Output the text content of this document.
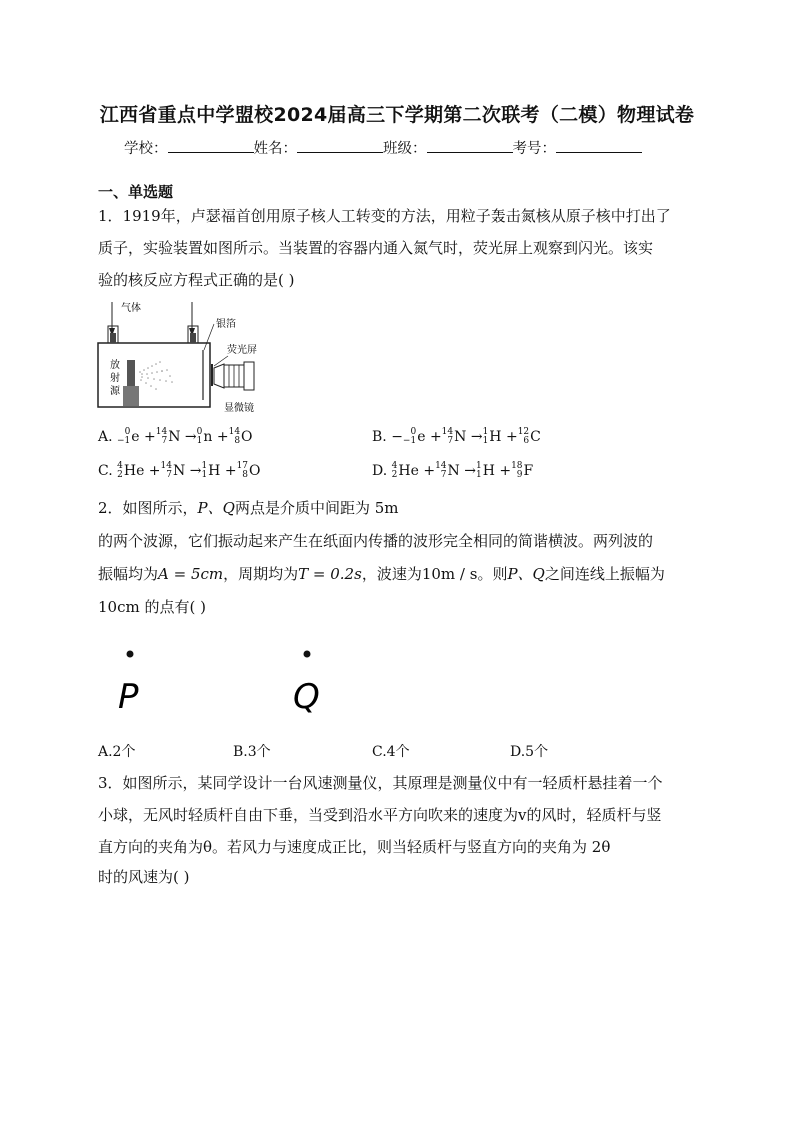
江西省重点中学盟校2024届高三下学期第二次联考（二模）物理试卷
学校：	姓名：	班级：	考号：
一、单选题
1．1919年，卢瑟福首创用原子核人工转变的方法，用粒子轰击氮核从原子核中打出了
质子，实验装置如图所示。当装置的容器内通入氮气时，荧光屏上观察到闪光。该实
验的核反应方程式正确的是( )
气体
放
射
源
银箔
荧光屏
显微镜
A. 0
−1 e + 14
7 N → 0
1 n + 14
8 O	B. − 0
−1 e + 14
7 N → 1
1 H + 12
6 C
C. 4
2 He + 14
7 N → 1
1 H + 17
8 O	D. 4
2 He + 14
7 N → 1
1 H + 18
9 F
2．如图所示，P、Q两点是介质中间距为 5m
的两个波源，它们振动起来产生在纸面内传播的波形完全相同的简谐横波。两列波的
振幅均为A = 5cm，周期均为T = 0.2s，波速为10m / s。则P、Q之间连线上振幅为
10cm 的点有( )
P	Q
A.2个	B.3个	C.4个	D.5个
3．如图所示，某同学设计一台风速测量仪，其原理是测量仪中有一轻质杆悬挂着一个
小球，无风时轻质杆自由下垂，当受到沿水平方向吹来的速度为v的风时，轻质杆与竖
直方向的夹角为θ。若风力与速度成正比，则当轻质杆与竖直方向的夹角为 2θ
时的风速为( )
